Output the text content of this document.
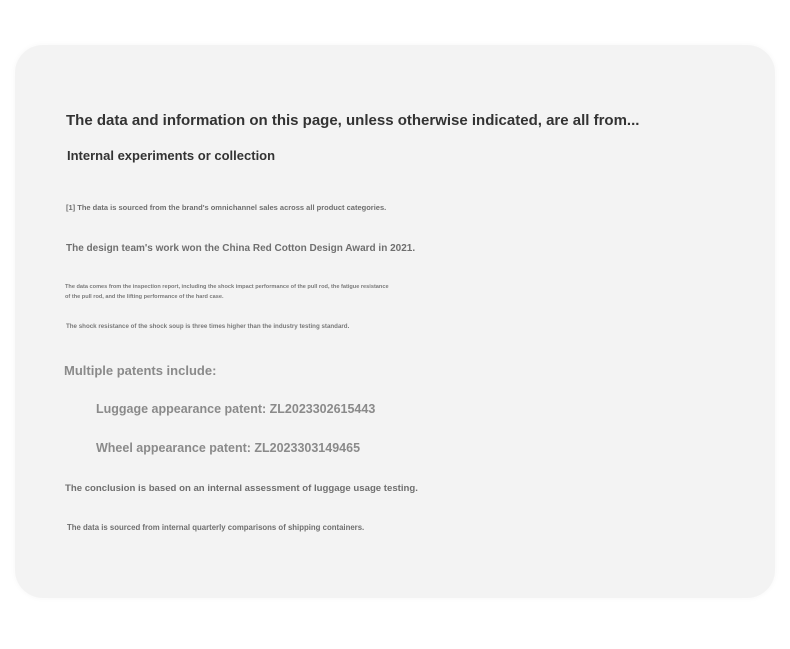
The data and information on this page, unless otherwise indicated, are all from...
Internal experiments or collection
[1] The data is sourced from the brand's omnichannel sales across all product categories.
The design team's work won the China Red Cotton Design Award in 2021.
The data comes from the inspection report, including the shock impact performance of the pull rod, the fatigue resistance of the pull rod, and the lifting performance of the hard case.
The shock resistance of the shock soup is three times higher than the industry testing standard.
Multiple patents include:
Luggage appearance patent: ZL2023302615443
Wheel appearance patent: ZL2023303149465
The conclusion is based on an internal assessment of luggage usage testing.
The data is sourced from internal quarterly comparisons of shipping containers.
